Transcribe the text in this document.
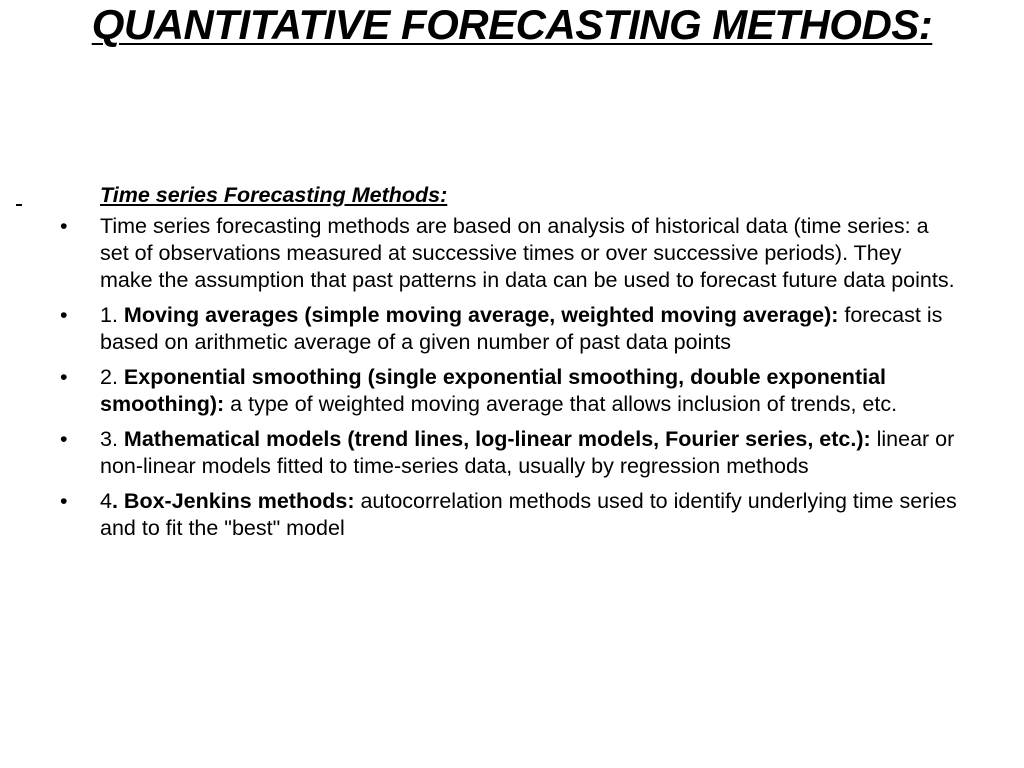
QUANTITATIVE FORECASTING METHODS:

Time series Forecasting Methods:

•	Time series forecasting methods are based on analysis of historical data (time series: a set of observations measured at successive times or over successive periods). They make the assumption that past patterns in data can be used to forecast future data points.
•	1. Moving averages (simple moving average, weighted moving average): forecast is based on arithmetic average of a given number of past data points
•	2. Exponential smoothing (single exponential smoothing, double exponential smoothing): a type of weighted moving average that allows inclusion of trends, etc.
•	3. Mathematical models (trend lines, log-linear models, Fourier series, etc.): linear or non-linear models fitted to time-series data, usually by regression methods
•	4. Box-Jenkins methods: autocorrelation methods used to identify underlying time series and to fit the "best" model
